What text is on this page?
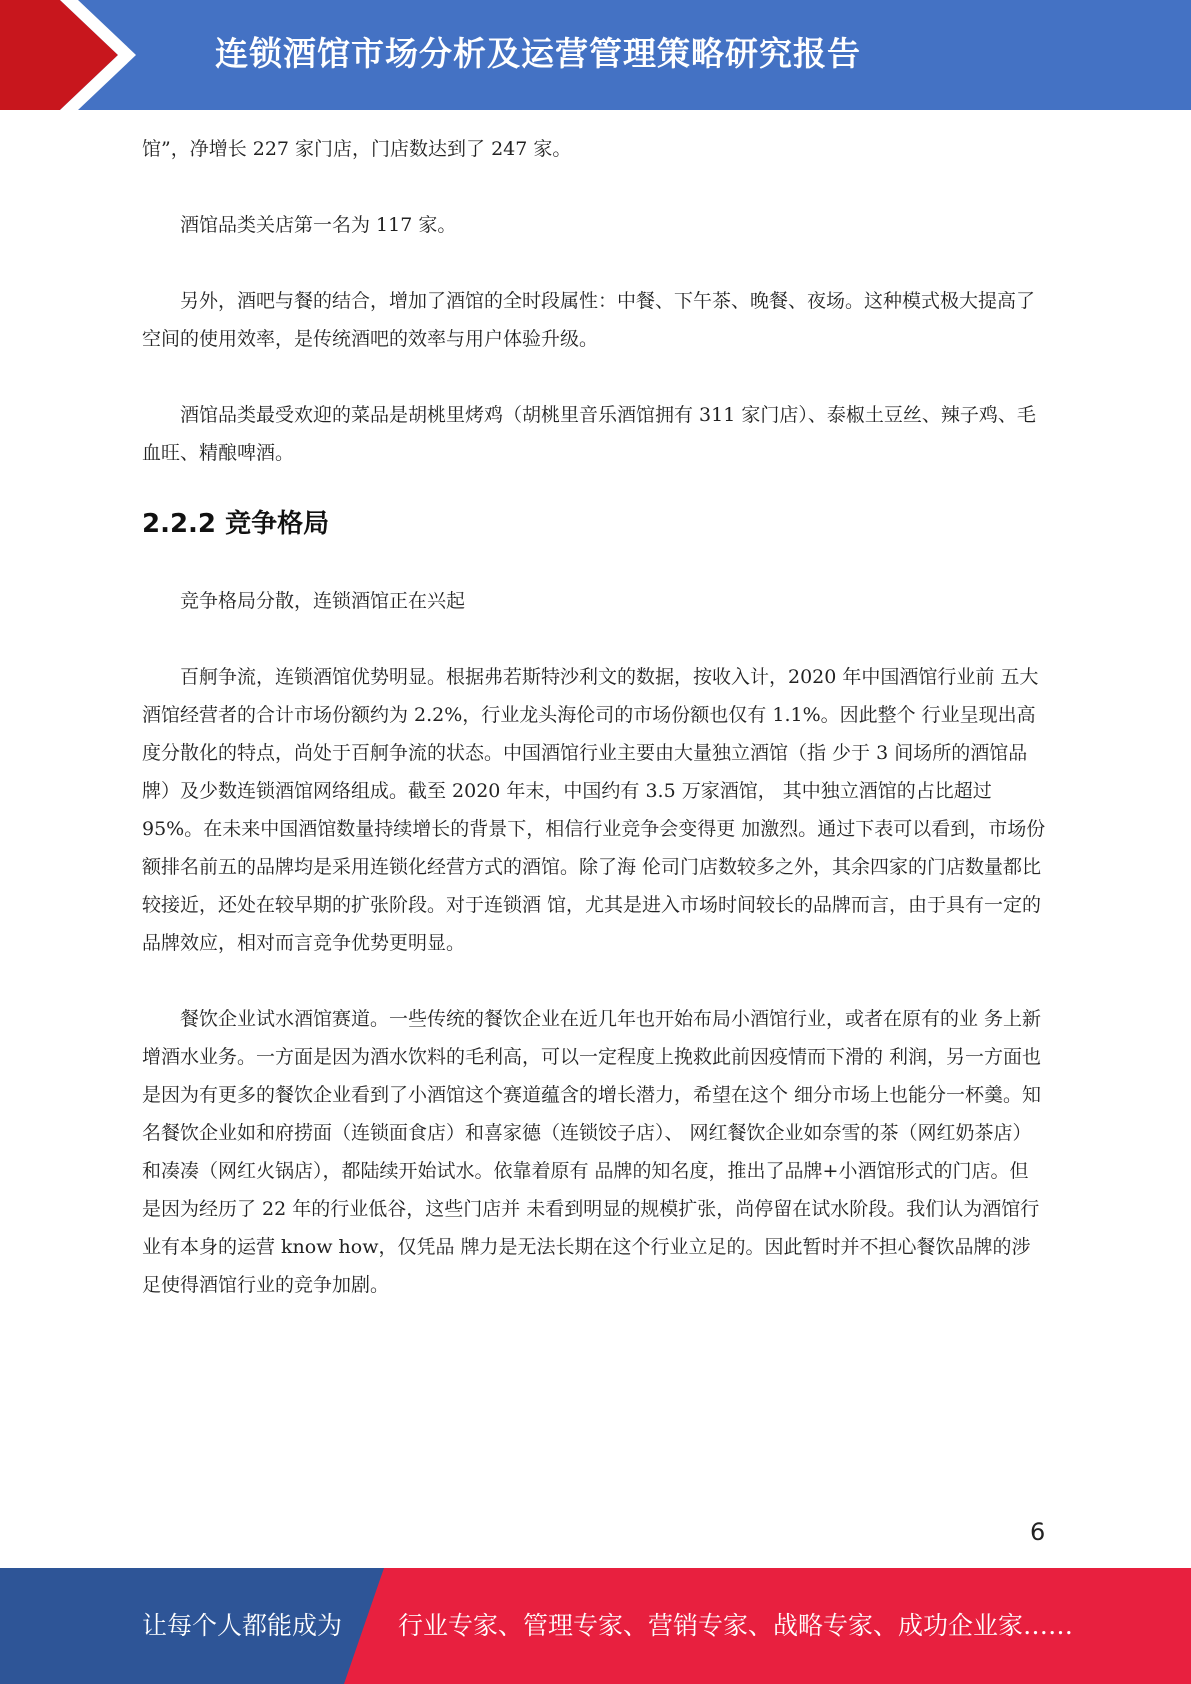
连锁酒馆市场分析及运营管理策略研究报告

馆”，净增长 227 家门店，门店数达到了 247 家。

酒馆品类关店第一名为 117 家。

另外，酒吧与餐的结合，增加了酒馆的全时段属性：中餐、下午茶、晚餐、夜场。这种模式极大提高了空间的使用效率，是传统酒吧的效率与用户体验升级。

酒馆品类最受欢迎的菜品是胡桃里烤鸡（胡桃里音乐酒馆拥有 311 家门店）、泰椒土豆丝、辣子鸡、毛血旺、精酿啤酒。

2.2.2 竞争格局

竞争格局分散，连锁酒馆正在兴起

百舸争流，连锁酒馆优势明显。根据弗若斯特沙利文的数据，按收入计，2020 年中国酒馆行业前 五大酒馆经营者的合计市场份额约为 2.2%，行业龙头海伦司的市场份额也仅有 1.1%。因此整个 行业呈现出高度分散化的特点，尚处于百舸争流的状态。中国酒馆行业主要由大量独立酒馆（指 少于 3 间场所的酒馆品牌）及少数连锁酒馆网络组成。截至 2020 年末，中国约有 3.5 万家酒馆， 其中独立酒馆的占比超过 95%。在未来中国酒馆数量持续增长的背景下，相信行业竞争会变得更 加激烈。通过下表可以看到，市场份额排名前五的品牌均是采用连锁化经营方式的酒馆。除了海 伦司门店数较多之外，其余四家的门店数量都比较接近，还处在较早期的扩张阶段。对于连锁酒 馆，尤其是进入市场时间较长的品牌而言，由于具有一定的品牌效应，相对而言竞争优势更明显。

餐饮企业试水酒馆赛道。一些传统的餐饮企业在近几年也开始布局小酒馆行业，或者在原有的业 务上新增酒水业务。一方面是因为酒水饮料的毛利高，可以一定程度上挽救此前因疫情而下滑的 利润，另一方面也是因为有更多的餐饮企业看到了小酒馆这个赛道蕴含的增长潜力，希望在这个 细分市场上也能分一杯羹。知名餐饮企业如和府捞面（连锁面食店）和喜家德（连锁饺子店）、 网红餐饮企业如奈雪的茶（网红奶茶店）和凑凑（网红火锅店），都陆续开始试水。依靠着原有 品牌的知名度，推出了品牌+小酒馆形式的门店。但是因为经历了 22 年的行业低谷，这些门店并 未看到明显的规模扩张，尚停留在试水阶段。我们认为酒馆行业有本身的运营 know how，仅凭品 牌力是无法长期在这个行业立足的。因此暂时并不担心餐饮品牌的涉足使得酒馆行业的竞争加剧。

6
让每个人都能成为 行业专家、管理专家、营销专家、战略专家、成功企业家……
